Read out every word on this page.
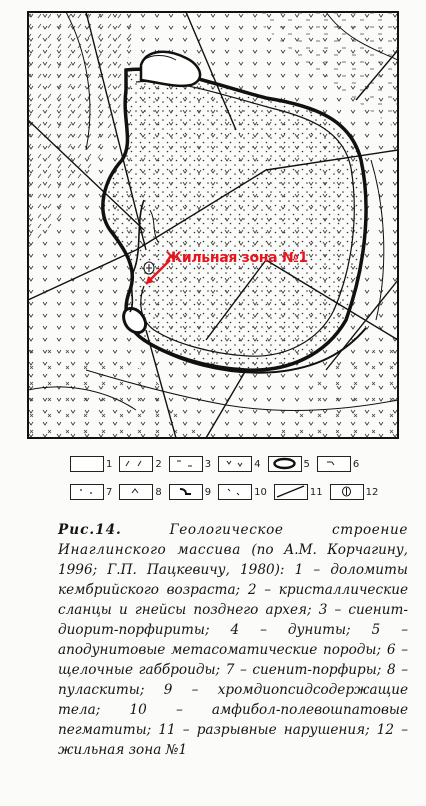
Жильная зона №1
1	2	3	4	5	6
7	8	9	10	11	12

Рис.14.	Геологическое строение Инаглинского массива (по А.М. Корчагину, 1996; Г.П. Пацкевичу, 1980): 1 – доломиты кембрийского возраста; 2 – кристаллические сланцы и гнейсы позднего архея; 3 – сиенит-диорит-порфириты; 4 – дуниты; 5 – аподунитовые метасоматические породы; 6 – щелочные габброиды; 7 – сиенит-порфиры; 8 – пуласкиты; 9 – хромдиопсидсодержащие тела; 10 – амфибол-полевошпатовые пегматиты; 11 – разрывные нарушения; 12 – жильная зона №1
